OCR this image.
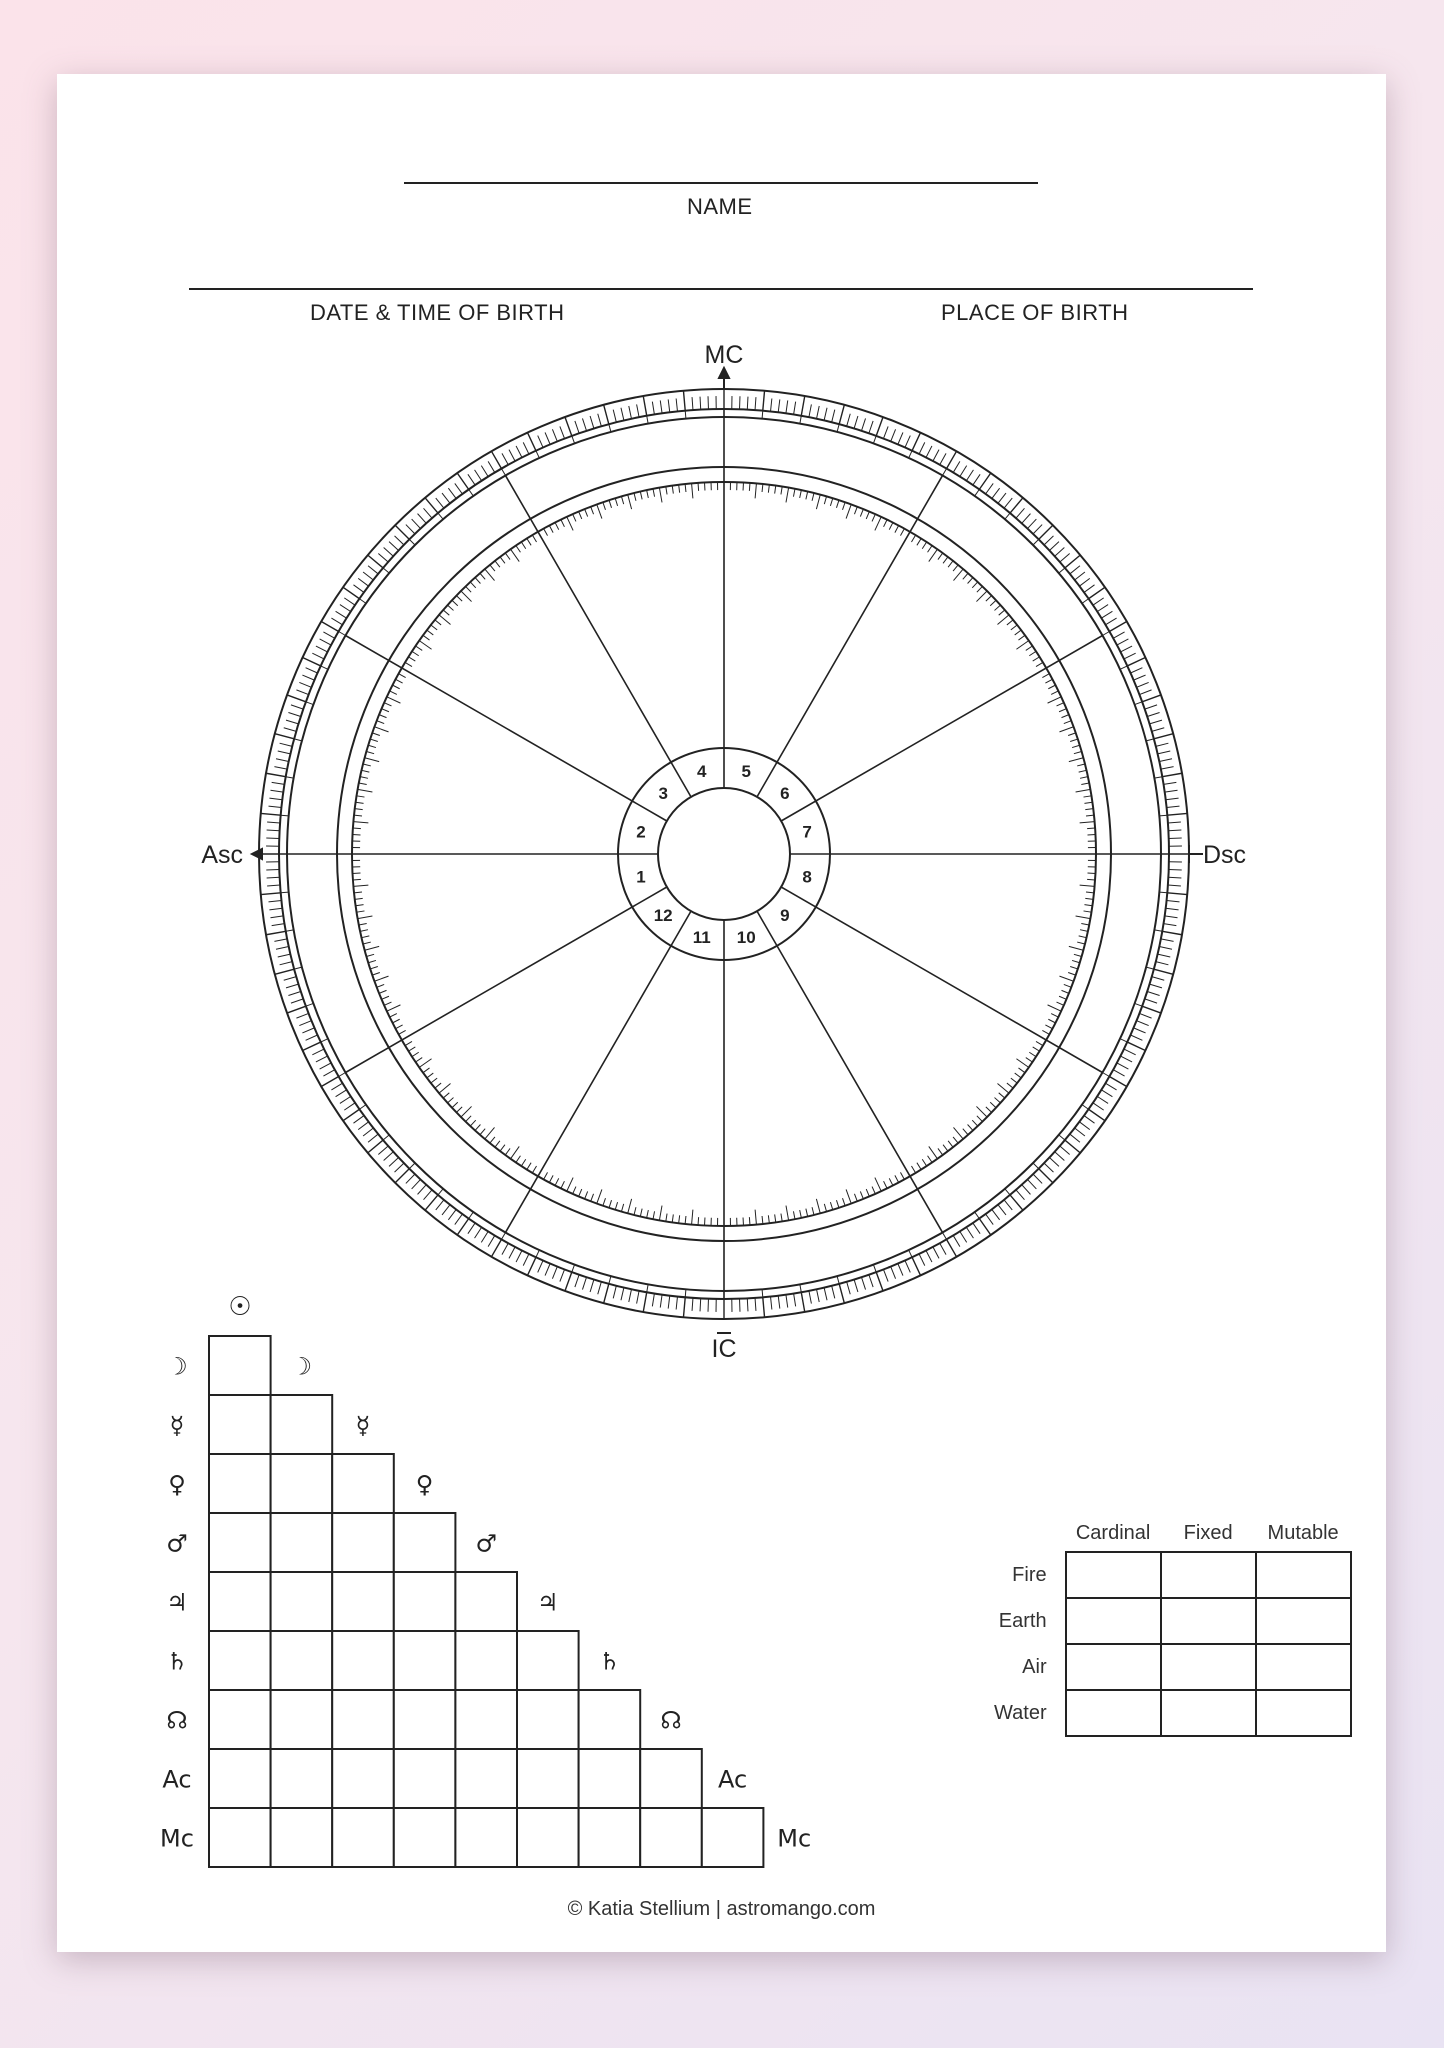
NAME
DATE & TIME OF BIRTH	PLACE OF BIRTH
1
2
3
4 5
6
7
8
9
10
11
12
MC
Asc	Dsc
IC
☉
☽	☽
☿	☿
♀	♀
♂	♂
♃	♃
♄	♄
☊	☊
Ac	Ac
Mc	Mc
	Cardinal	Fixed	Mutable
Fire			
Earth			
Air			
Water			
© Katia Stellium | astromango.com
